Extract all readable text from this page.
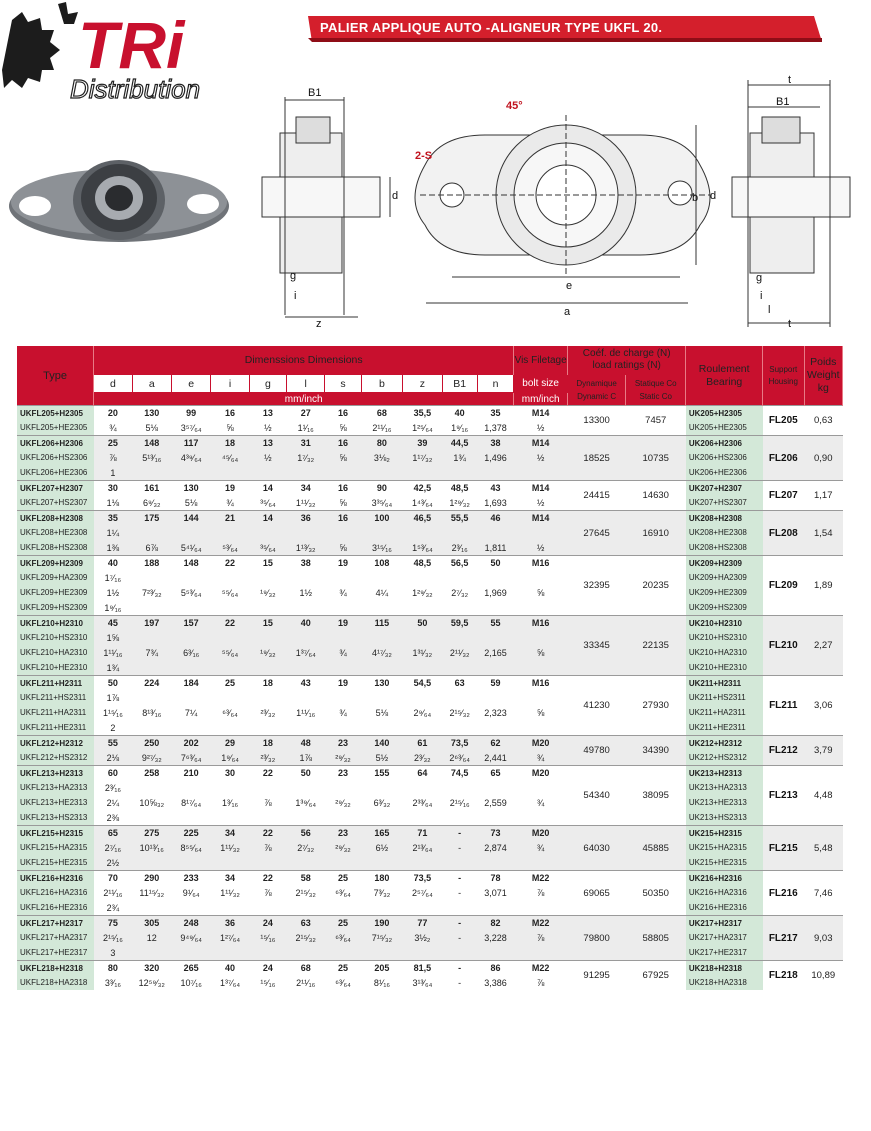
TRi
Distribution
PALIER APPLIQUE AUTO -ALIGNEUR TYPE UKFL 20.
B1
g
i
z
d
2-S
45°
b
e
a
t
B1
d
g
i
l
t
Type	Dimenssions Dimensions											Vis Filetage	Coéf. de charge (N)
load ratings (N)		Roulement
Bearing	Support
Housing	Poids Weight
kg
	d	a	e	i	g	l	s	b	z	B1	n	bolt size	Dynamique
Dynamic C	Statique Co
Static Co			
	mm/inch											mm/inch					
UKFL205+H2305	20	130	99	16	13	27	16	68	35,5	40	35	M14	13300	7457	UK205+H2305	FL205	0,63
UKFL205+HE2305	¾	5⅛	3⁵⁷⁄₆₄	⅝	½	1¹⁄₁₆	⅝	2¹¹⁄₁₆	1²⁵⁄₆₄	1⁹⁄₁₆	1,378	½			UK205+HE2305		
UKFL206+H2306	25	148	117	18	13	31	16	80	39	44,5	38	M14	18525	10735	UK206+H2306	FL206	0,90
UKFL206+HS2306	⅞	5¹³⁄₁₆	4³⁹⁄₆₄	⁴⁵⁄₆₄	½	1⁷⁄₃₂	⅝	3⅛₂	1¹⁷⁄₃₂	1¾	1,496	½			UK206+HS2306		
UKFL206+HE2306	1														UK206+HE2306		
UKFL207+H2307	30	161	130	19	14	34	16	90	42,5	48,5	43	M14	24415	14630	UK207+H2307	FL207	1,17
UKFL207+HS2307	1⅛	6⁹⁄₃₂	5⅛	¾	³⁵⁄₆₄	1¹¹⁄₃₂	⅝	3³⁵⁄₆₄	1⁴³⁄₆₄	1²⁹⁄₃₂	1,693	½			UK207+HS2307		
UKFL208+H2308	35	175	144	21	14	36	16	100	46,5	55,5	46	M14	27645	16910	UK208+H2308	FL208	1,54
UKFL208+HE2308	1¼														UK208+HE2308		
UKFL208+HS2308	1⅜	6⅞	5⁴¹⁄₆₄	⁵³⁄₆₄	³⁵⁄₆₄	1¹³⁄₃₂	⅝	3¹⁵⁄₁₆	1⁵³⁄₆₄	2³⁄₁₆	1,811	½			UK208+HS2308		
UKFL209+H2309	40	188	148	22	15	38	19	108	48,5	56,5	50	M16	32395	20235	UK209+H2309	FL209	1,89
UKFL209+HA2309	1⁷⁄₁₆														UK209+HA2309		
UKFL209+HE2309	1½	7²³⁄₃₂	5⁵³⁄₆₄	⁵⁵⁄₆₄	¹⁹⁄₃₂	1½	¾	4¼	1²⁹⁄₃₂	2⁷⁄₃₂	1,969	⅝			UK209+HE2309		
UKFL209+HS2309	1⁹⁄₁₆														UK209+HS2309		
UKFL210+H2310	45	197	157	22	15	40	19	115	50	59,5	55	M16	33345	22135	UK210+H2310	FL210	2,27
UKFL210+HS2310	1⅝														UK210+HS2310		
UKFL210+HA2310	1¹¹⁄₁₆	7¾	6³⁄₁₆	⁵⁵⁄₆₄	¹⁹⁄₃₂	1³⁷⁄₆₄	¾	4¹⁷⁄₃₂	1³¹⁄₃₂	2¹¹⁄₃₂	2,165	⅝			UK210+HA2310		
UKFL210+HE2310	1¾														UK210+HE2310		
UKFL211+H2311	50	224	184	25	18	43	19	130	54,5	63	59	M16	41230	27930	UK211+H2311	FL211	3,06
UKFL211+HS2311	1⅞														UK211+HS2311		
UKFL211+HA2311	1¹⁵⁄₁₆	8¹³⁄₁₆	7¼	⁶³⁄₆₄	²³⁄₃₂	1¹¹⁄₁₆	¾	5⅛	2⁹⁄₆₄	2¹⁵⁄₃₂	2,323	⅝			UK211+HA2311		
UKFL211+HE2311	2														UK211+HE2311		
UKFL212+H2312	55	250	202	29	18	48	23	140	61	73,5	62	M20	49780	34390	UK212+H2312	FL212	3,79
UKFL212+HS2312	2⅛	9²⁷⁄₃₂	7⁶³⁄₆₄	1⁹⁄₆₄	²³⁄₃₂	1⅞	²⁹⁄₃₂	5½	2³⁄₃₂	2⁶³⁄₆₄	2,441	¾			UK212+HS2312		
UKFL213+H2313	60	258	210	30	22	50	23	155	64	74,5	65	M20	54340	38095	UK213+H2313	FL213	4,48
UKFL213+HA2313	2³⁄₁₆														UK213+HA2313		
UKFL213+HE2313	2¼	10⅝₃₂	8¹⁷⁄₆₄	1³⁄₁₆	⅞	1³⁹⁄₆₄	²⁹⁄₃₂	6³⁄₃₂	2³³⁄₆₄	2¹⁵⁄₁₆	2,559	¾			UK213+HE2313		
UKFL213+HS2313	2⅜														UK213+HS2313		
UKFL215+H2315	65	275	225	34	22	56	23	165	71	-	73	M20	64030	45885	UK215+H2315	FL215	5,48
UKFL215+HA2315	2⁷⁄₁₆	10¹³⁄₁₆	8⁵⁵⁄₆₄	1¹¹⁄₃₂	⅞	2⁷⁄₃₂	²⁹⁄₃₂	6½	2¹³⁄₆₄	-	2,874	¾			UK215+HA2315		
UKFL215+HE2315	2½														UK215+HE2315		
UKFL216+H2316	70	290	233	34	22	58	25	180	73,5	-	78	M22	69065	50350	UK216+H2316	FL216	7,46
UKFL216+HA2316	2¹¹⁄₁₆	11¹⁵⁄₃₂	9¹⁄₆₄	1¹¹⁄₃₂	⅞	2¹⁵⁄₃₂	⁶³⁄₆₄	7³⁄₃₂	2⁵⁷⁄₆₄	-	3,071	⅞			UK216+HA2316		
UKFL216+HE2316	2¾														UK216+HE2316		
UKFL217+H2317	75	305	248	36	24	63	25	190	77	-	82	M22	79800	58805	UK217+H2317	FL217	9,03
UKFL217+HA2317	2¹⁵⁄₁₆	12	9⁴⁹⁄₆₄	1²⁷⁄₆₄	¹⁵⁄₁₆	2¹⁵⁄₃₂	⁶³⁄₆₄	7¹⁵⁄₃₂	3½₂	-	3,228	⅞			UK217+HA2317		
UKFL217+HE2317	3														UK217+HE2317		
UKFL218+H2318	80	320	265	40	24	68	25	205	81,5	-	86	M22	91295	67925	UK218+H2318	FL218	10,89
UKFL218+HA2318	3³⁄₁₆	12⁵⁹⁄₃₂	10⁷⁄₁₆	1³⁷⁄₆₄	¹⁵⁄₁₆	2¹¹⁄₁₆	⁶³⁄₆₄	8¹⁄₁₆	3¹³⁄₆₄	-	3,386	⅞			UK218+HA2318		
